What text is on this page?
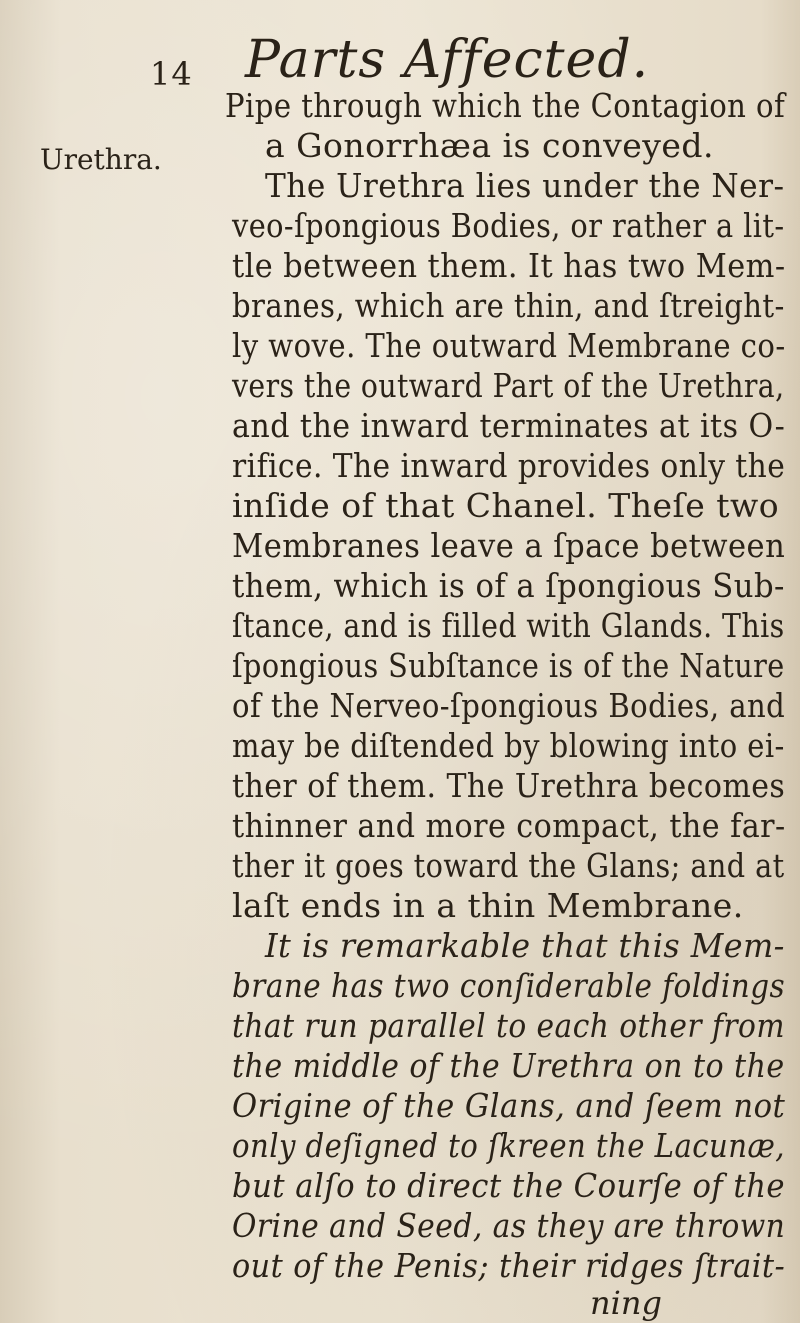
14 Parts Affected.
Urethra.
Pipe through which the Contagion of
a Gonorrhæa is conveyed.
The Urethra lies under the Ner-
veo-ſpongious Bodies, or rather a lit-
tle between them. It has two Mem-
branes, which are thin, and ſtreight-
ly wove. The outward Membrane co-
vers the outward Part of the Urethra,
and the inward terminates at its O-
rifice. The inward provides only the
inſide of that Chanel. Theſe two
Membranes leave a ſpace between
them, which is of a ſpongious Sub-
ſtance, and is filled with Glands. This
ſpongious Subſtance is of the Nature
of the Nerveo-ſpongious Bodies, and
may be diſtended by blowing into ei-
ther of them. The Urethra becomes
thinner and more compact, the far-
ther it goes toward the Glans; and at
laſt ends in a thin Membrane.
It is remarkable that this Mem-
brane has two conſiderable foldings
that run parallel to each other from
the middle of the Urethra on to the
Origine of the Glans, and ſeem not
only deſigned to ſkreen the Lacunæ,
but alſo to direct the Courſe of the
Orine and Seed, as they are thrown
out of the Penis; their ridges ſtrait-
ning
